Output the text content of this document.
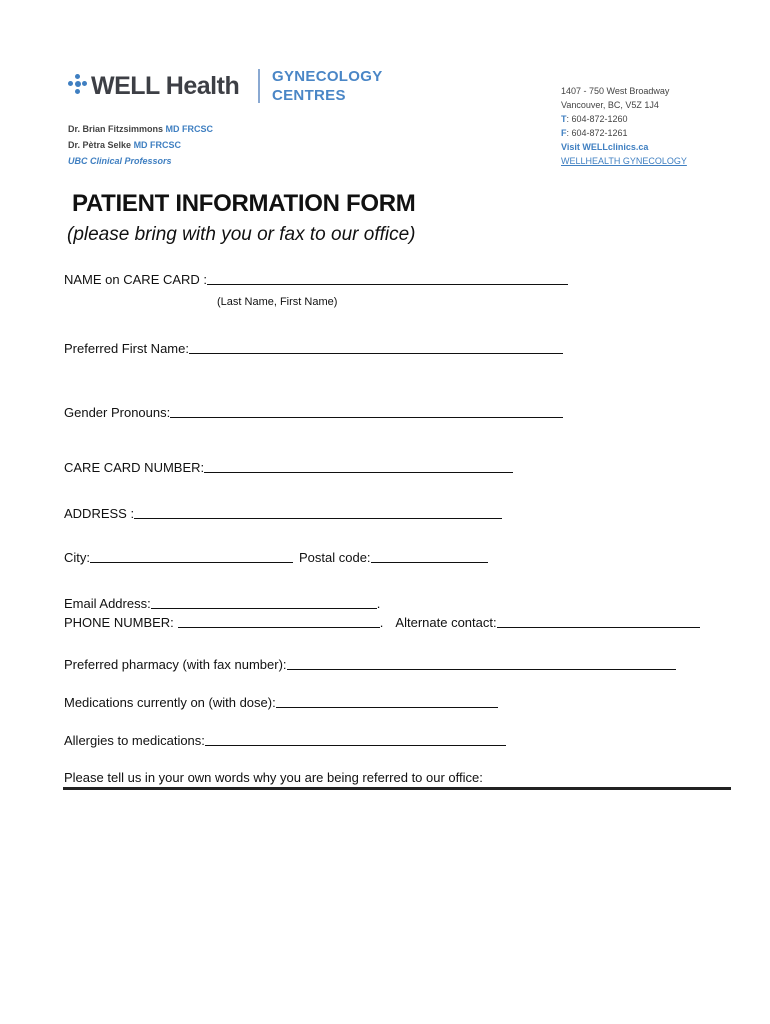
WELL Health GYNECOLOGY
CENTRES
Dr. Brian Fitzsimmons MD FRCSC
Dr. Pètra Selke MD FRCSC
UBC Clinical Professors
1407 - 750 West Broadway
Vancouver, BC, V5Z 1J4
T: 604-872-1260
F: 604-872-1261
Visit WELLclinics.ca
WELLHEALTH GYNECOLOGY
PATIENT INFORMATION FORM
(please bring with you or fax to our office)
NAME on CARE CARD :
(Last Name, First Name)
Preferred First Name:
Gender Pronouns:
CARE CARD NUMBER:
ADDRESS :
City:	Postal code:
Email Address:	.
PHONE NUMBER:	. Alternate contact:
Preferred pharmacy (with fax number):
Medications currently on (with dose):
Allergies to medications:
Please tell us in your own words why you are being referred to our office:
